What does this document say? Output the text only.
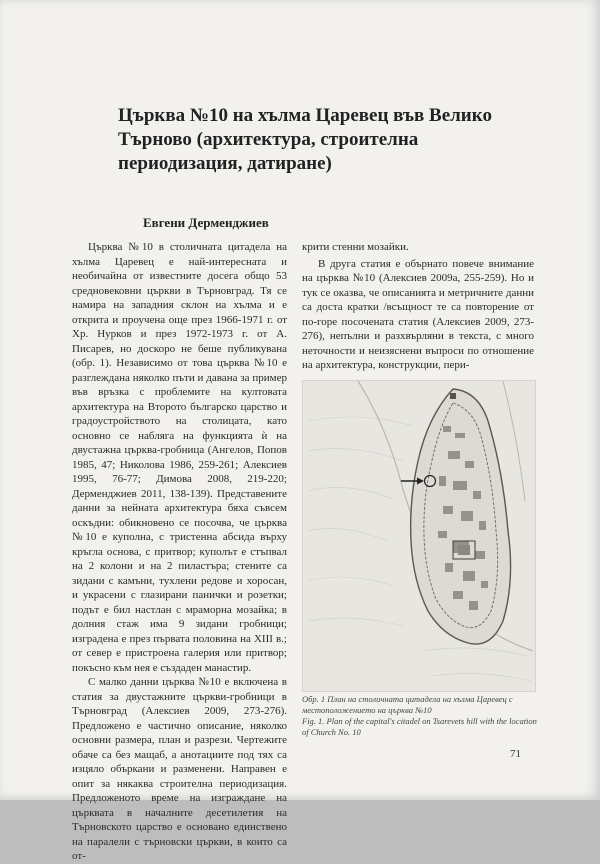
Църква №10 на хълма Царевец във Велико Търново (архитектура, строителна периодизация, датиране)
Евгени Дерменджиев

Църква №10 в столичната цитадела на хълма Царевец е най-интересната и необичайна от известните досега общо 53 средновековни църкви в Търновград. Тя се намира на западния склон на хълма и е открита и проучена още през 1966-1971 г. от Хр. Нурков и през 1972-1973 г. от А. Писарев, но доскоро не беше публикувана (обр. 1). Независимо от това църква №10 е разглеждана няколко пъти и давана за пример във връзка с проблемите на култовата архитектура на Второто българско царство и градоустройството на столицата, като основно се наблягa на функцията ѝ на двустажна църква-гробница (Ангелов, Попов 1985, 47; Николова 1986, 259-261; Алексиев 1995, 76-77; Димова 2008, 219-220; Дерменджиев 2011, 138-139). Представените данни за нейната архитектура бяха съвсем оскъдни: обикновено се посочва, че църква №10 е куполна, с тристенна абсида върху кръгла основа, с притвор; куполът е стъпвал на 2 колони и на 2 пиластъра; стените са зидани с камъни, тухлени редове и хоросан, и украсени с глазирани панички и розетки; подът е бил настлан с мраморна мозайка; в долния стаж има 9 зидани гробници; изградена е през първата половина на XIII в.; от север е пристроена галерия или притвор; покъсно към нея е създаден манастир.

С малко данни църква №10 е включена в статия за двустажните църкви-гробници в Търновград (Алексиев 2009, 273-276). Предложено е частично описание, няколко основни размера, план и разрези. Чертежите обаче са без мащаб, а анотациите под тях са изцяло объркани и разменени. Направен е опит за някаква строителна периодизация. Предложеното време на изграждане на църквата в началните десетилетия на Търновското царство е основано единствено на паралели с търновски църкви, в които са от-

крити стенни мозайки.

В друга статия е обърнато повече внимание на църква №10 (Алексиев 2009а, 255-259). Но и тук се оказва, че описанията и метричните данни са доста кратки /всъщност те са повторение от по-горе посочената статия (Алексиев 2009, 273-276), непълни и разхвърляни в текста, с много неточности и неизяснени въпроси по отношение на архитектура, конструкции, пери-

Обр. 1 План на столичната цитадела на хълма Царевец с местоположението на църква №10
Fig. 1. Plan of the capital's citadel on Tsarevets hill with the location of Church No. 10
71
